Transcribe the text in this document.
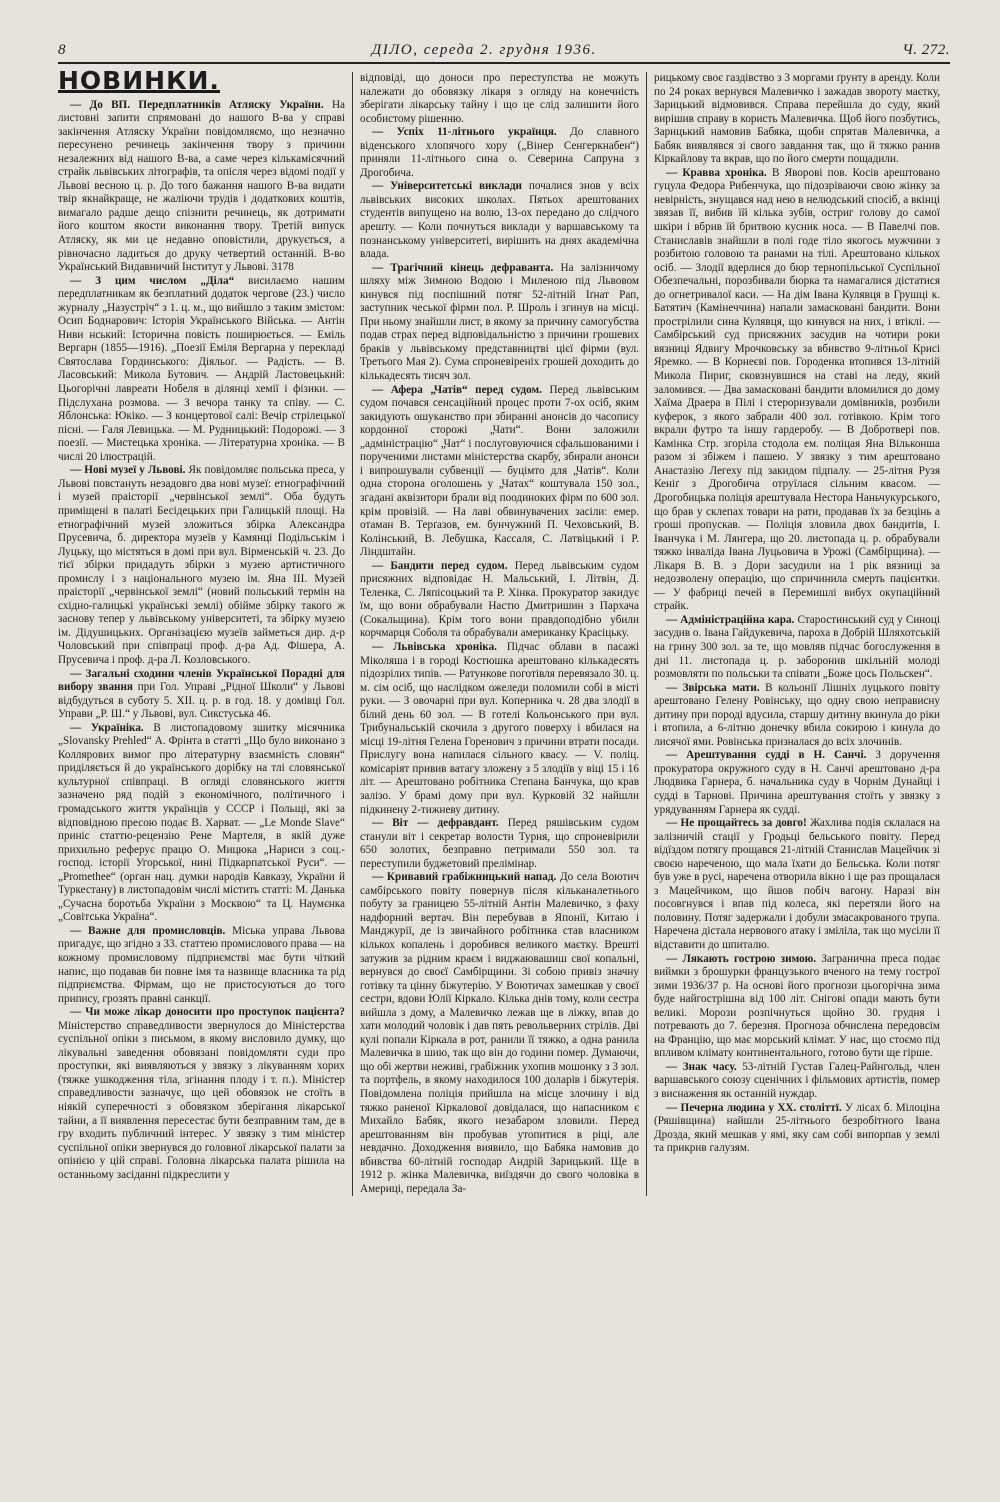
8	ДІЛО, середа 2. грудня 1936.	Ч. 272.
НОВИНКИ.

— До ВП. Передплатників Атляску України. На листовні запити спрямовані до нашого В-ва у справі закінчення Атляску України повідомляємо, що незначно пересунено речинець закінчення твору з причини незалежних від нашого В-ва, а саме через кількамісячний страйк львівських літографів, та опісля через відомі події у Львові весною ц. р. До того бажання нашого В-ва видати твір якнайкраще, не жаліючи трудів і додаткових коштів, вимагало радше дещо спізнити речинець, як дотримати його коштом якости виконання твору. Третій випуск Атляску, як ми це недавно оповістили, друкується, а рівночасно ладиться до друку четвертий останній. В-во Український Видавничий Інститут у Львові. 3178

— З цим числом „Діла“ висилаємо нашим передплатникам як безплатний додаток чергове (23.) число журналу „Назустріч“ з 1. ц. м., що вийшло з таким змістом: Осип Боднарович: Історія Українського Війська. — Антін Ниви нський: Історична повість поширюється. — Еміль Вергарн (1855—1916). „Поезії Еміля Вергарна у перекладі Святослава Гординського: Діяльоґ. — Радість. — В. Ласовський: Микола Бутович. — Андрій Ластовецький: Цьогорічні лавреати Нобеля в ділянці хемії і фізики. — Підслухана розмова. — З вечора танку та співу. — С. Яблонська: Юкіко. — З концертової салі: Вечір стрілецької пісні. — Галя Левицька. — М. Рудницький: Подорожі. — З поезії. — Мистецька хроніка. — Літературна хроніка. — В числі 20 ілюстрацій.

— Нові музеї у Львові. Як повідомляє польська преса, у Львові повстануть незадовго два нові музеї: етнографічний і музей праісторії „червінської землі“. Оба будуть приміщені в палаті Бесідецьких при Галицькій площі. На етнографічний музей зложиться збірка Александра Прусевича, б. директора музеїв у Камянці Подільськім і Луцьку, що містяться в домі при вул. Вірменській ч. 23. До тієї збірки придадуть збірки з музею артистичного промислу і з національного музею ім. Яна III. Музей праісторії „червінської землі“ (новий польський термін на східно-галицькі українські землі) обійме збірку такого ж заснову тепер у львівському університеті, та збірку музею ім. Дідушицьких. Організацією музеїв займеться дир. д-р Чоловський при співпраці проф. д-ра Ад. Фішера, А. Прусевича і проф. д-ра Л. Козловського.

— Загальні сходини членів Української Порадні для вибору звання при Гол. Управі „Рідної Школи“ у Львові відбудуться в суботу 5. XII. ц. р. в год. 18. у домівці Гол. Управи „Р. Ш.“ у Львові, вул. Сикстуська 46.

— Україніка. В листопадовому зшитку місячника „Slovansky Prehled“ А. Фрінта в статті „Що було виконано з Коллярових вимог про літературну взаємність словян“ приділяється й до українського дорібку на тлі словянської культурної співпраці. В огляді словянського життя зазначено ряд подій з економічного, політичного і громадського життя українців у СССР і Польщі, які за відповідною пресою подає В. Харват. — „Le Monde Slave“ приніс статтю-рецензію Рене Мартеля, в якій дуже прихильно реферує працю О. Мицюка „Нариси з соц.-господ. історії Угорської, нині Підкарпатської Руси“. — „Prometheе“ (орган нац. думки народів Кавказу, України й Туркестану) в листопадовім числі містить статті: М. Данька „Сучасна боротьба України з Москвою“ та Ц. Наумєнка „Совітська Україна“.

— Важне для промисловців. Міська управа Львова пригадує, що згідно з 33. статтею промислового права — на кожному промисловому підприємстві має бути чіткий напис, що подавав би повне імя та назвище власника та рід підприємства. Фірмам, що не пристосуються до того припису, грозять правні санкції.

— Чи може лікар доносити про проступок пацієнта? Міністерство справедливости звернулося до Міністерства суспільної опіки з письмом, в якому висловило думку, що лікувальні заведення обовязані повідомляти суди про проступки, які виявляються у звязку з лікуванням хорих (тяжке ушкодження тіла, згінання плоду і т. п.). Міністер справедливости зазначує, що цей обовязок не стоїть в ніякій суперечності з обовязком зберігання лікарської тайни, а її виявлення пересестає бути безправним там, де в гру входить публичний інтерес. У звязку з тим міністер суспільної опіки звернувся до головної лікарської палати за опінією у цій справі. Головна лікарська палата рішила на останньому засіданні підкреслити у

відповіді, що доноси про переступства не можуть належати до обовязку лікаря з огляду на конечність зберігати лікарську тайну і що це слід залишити його особистому рішенню.

— Успіх 11-літнього українця. До славного віденського хлопячого хору („Вінер Сенгеркнабен“) приняли 11-літнього сина о. Северина Сапруна з Дрогобича.

— Університетські виклади почалися знов у всіх львівських високих школах. Пятьох арештованих студентів випущено на волю, 13-ох передано до слідчого арешту. — Коли почнуться виклади у варшавському та познанському університеті, вирішить на днях академічна влада.

— Трагічний кінець дефраванта. На залізничому шляху між Зимною Водою і Миленою під Львовом кинувся під поспішний потяг 52-літній Іґнат Рап, заступник чеської фірми пол. Р. Шроль і згинув на місці. При ньому знайшли лист, в якому за причину самогубства подав страх перед відповідальністю з причини грошевих браків у львівському представництві цієї фірми (вул. Третього Мая 2). Сума спроневіреніх грошей доходить до кількадесять тисяч зол.

— Афера „Чатів“ перед судом. Перед львівським судом почався сенсаційний процес проти 7-ох осіб, яким закидують ошуканство при збиранні анонсів до часопису кордонної сторожі „Чати“. Вони заложили „адміністрацію“ „Чат“ і послуговуючися сфальшованими і порученими листами міністерства скарбу, збирали анонси і випрошували субвенції — буцімто для „Чатів“. Коли одна сторона оголошень у „Чатах“ коштувала 150 зол., згадані аквізитори брали від поодиноких фірм по 600 зол. крім провізій. — На лаві обвинувачених засіли: емер. отаман В. Терґазов, ем. бунчужний П. Чеховський, В. Колінський, В. Лебушка, Кассаля, С. Латвіцький і Р. Ліндштайн.

— Бандити перед судом. Перед львівським судом присяжних відповідає Н. Мальський, І. Літвін, Д. Теленка, С. Ляпісоцький та Р. Хінка. Прокуратор закидує їм, що вони обрабували Настю Дмитришин з Пархача (Сокальщина). Крім того вони правдоподібно убили корчмарця Соболя та обрабували американку Красіцьку.

— Львівська хроніка. Підчас облави в пасажі Міколяша і в городі Костюшка арештовано кількадесять підозрілих типів. — Ратункове поготівля перевязало 30. ц. м. сім осіб, що наслідком ожеледи поломили собі в місті руки. — З овочарні при вул. Коперника ч. 28 два злодії в білий день 60 зол. — В готелі Кольонського при вул. Трибунальській скочила з другого поверху і вбилася на місці 19-літня Гелена Горенович з причини втрати посади. Прислугу вона напилася сільного квасу. — V. поліц. комісаріят привив ватагу зложену з 5 злодіїв у віці 15 і 16 літ. — Арештовано робітника Степана Банчука, що крав залізо. У брамі дому при вул. Курковій 32 найшли підкинену 2-тижневу дитину.

— Віт — дефравдант. Перед ряшівським судом станули віт і секретар волости Турня, що спроневірили 650 золотих, безправно петримали 550 зол. та переступили буджетовий прелімінар.

— Кривавий грабіжницький напад. До села Воютич самбірського повіту повернув після кільканалетнього побуту за границею 55-літній Антін Малевичко, з фаху надфорний вертач. Він перебував в Японії, Китаю і Манджурії, де із звичайного робітника став власником кількох копалень і доробився великого маєтку. Врешті затужив за рідним краєм і виджаювашиш свої копальні, вернувся до своєї Самбірщини. Зі собою привіз значну готівку та цінну біжутерію. У Воютичах замешкав у своєї сестри, вдови Юлії Кіркало. Кілька днів тому, коли сестра вийшла з дому, а Малевичко лежав ще в ліжку, впав до хати молодий чоловік і дав пять револьверних стрілів. Дві кулі попали Кіркала в рот, ранили її тяжко, а одна ранила Малевичка в шию, так що він до години помер. Думаючи, що обі жертви неживі, грабіжник ухопив мошонку з 3 зол. та портфель, в якому находилося 100 доларів і біжутерія. Повідомлена поліція прийшла на місце злочину і від тяжко раненої Кіркалової довідалася, що напасником є Михайло Бабяк, якого незабаром зловили. Перед арештованням він пробував утопитися в ріці, але невдачно. Доходження виявило, що Бабяка намовив до вбивства 60-літній господар Андрій Зарицький. Ще в 1912 р. жінка Малевичка, виїздячи до свого чоловіка в Америці, передала За-

рицькому своє газдівство з 3 моргами ґрунту в аренду. Коли по 24 роках вернувся Малевичко і зажадав звороту маєтку, Зарицький відмовився. Справа перейшла до суду, який вирішив справу в користь Малевичка. Щоб його позбутись, Зарицький намовив Бабяка, щоби спрятав Малевичка, а Бабяк виявлявся зі свого завдання так, що й тяжко ранив Кіркайлову та вкрав, що по його смерти пощадили.

— Кравва хроніка. В Яворові пов. Косів арештовано гуцула Федора Рибенчука, що підозріваючи свою жінку за невірність, знущався над нею в нелюдський спосіб, а вкінці звязав її, вибив їй кілька зубів, остриг голову до самої шкіри і вбрив їй бритвою кусник носа. — В Павелчі пов. Станиславів знайшли в полі годе тіло якогось мужчини з розбитою головою та ранами на тілі. Арештовано кількох осіб. — Злодії вдерлися до бюр тернопільської Суспільної Обезпечальні, порозбивали бюрка та намагалися дістатися до огнетривалої каси. — На дім Івана Кулявця в Грушці к. Батятич (Камінеччина) напали замасковані бандити. Вони прострілили сина Кулявця, що кинувся на них, і втіклі. — Самбірський суд присяжних засудив на чотири роки вязниці Ядвигу Мрочковську за вбивство 9-літньої Крисі Яремко. — В Корнеєві пов. Городенка втопився 13-літній Микола Пириг, сковзнувшися на ставі на леду, який заломився. — Два замасковані бандити вломилися до дому Хаїма Драера в Пілі і стероризували домівників, розбили куферок, з якого забрали 400 зол. готівкою. Крім того вкрали футро та іншу гардеробу. — В Добротвері пов. Камінка Стр. згоріла стодола ем. поліцая Яна Вільконша разом зі збіжем і пашею. У звязку з тим арештовано Анастазію Легеху під закидом підпалу. — 25-літня Рузя Кеніґ з Дрогобича отруїлася сільним квасом. — Дрогобицька поліція арештувала Нестора Наньчукурського, що брав у склепах товари на рати, продавав їх за безцінь а гроші пропускав. — Поліція зловила двох бандитів, І. Іванчука і М. Лянгера, що 20. листопада ц. р. обрабували тяжко інваліда Івана Луцьовича в Урожі (Самбірщина). — Лікаря В. В. з Дори засудили на 1 рік вязниці за недозволену операцію, що спричинила смерть пацієнтки. — У фабриці печей в Перемишлі вибух окупаційний страйк.

— Адміністраційна кара. Старостинський суд у Синоці засудив о. Івана Гайдукевича, пароха в Добрій Шляхотській на грину 300 зол. за те, що мовляв підчас богослуження в дні 11. листопада ц. р. заборонив шкільній молоді розмовляти по польськи та співати „Боже цось Польскен“.

— Звірська мати. В кольонії Лішніх луцького повіту арештовано Гелену Ровінську, що одну свою неправисну дитину при породі вдусила, старшу дитину вкинула до ріки і втопила, а 6-літню донечку вбила сокирою і кинула до лисячої ями. Ровінська призналася до всіх злочинів.

— Арештування судді в Н. Санчі. З доручення прокуратора окружного суду в Н. Санчі арештовано д-ра Людвика Гарнера, б. начальника суду в Чорнім Дунайці і судді в Тарнові. Причина арештування стоїть у звязку з урядуванням Гарнера як судді.

— Не прощайтесь за довго! Жахлива подія склалася на залізничій стації у Гродьці бельського повіту. Перед відїздом потягу прощався 21-літній Станислав Мацейчик зі своєю нареченою, що мала їхати до Бельська. Коли потяг був уже в русі, наречена отворила вікно і ще раз прощалася з Мацейчиком, що йшов побіч вагону. Наразі він посовгнувся і впав під колеса, які перетяли його на половину. Потяг задержали і добули змасакрованого трупа. Наречена дістала нервового атаку і зміліла, так що мусіли її відставити до шпиталю.

— Лякають гострою зимою. Загранична преса подає виймки з брошурки французького вченого на тему гострої зими 1936/37 р. На основі його прогнози цьогорічна зима буде найгострішна від 100 літ. Снігові опади мають бути великі. Морози розпічнуться щойно 30. грудня і потревають до 7. березня. Прогноза обчислена передовсім на Францію, що має морський клімат. У нас, що стоємо під впливом клімату континентального, готово бути ще гірше.

— Знак часу. 53-літній Густав Галец-Райнгольд, член варшавського союзу сценічних і фільмових артистів, помер з виснаження як останній нуждар.

— Печерна людина у XX. століттї. У лісах б. Мілоціна (Ряшівщина) найшли 25-літнього безробітного Івана Дрозда, який мешкав у ямі, яку сам собі випорпав у землі та прикрив галузям.
